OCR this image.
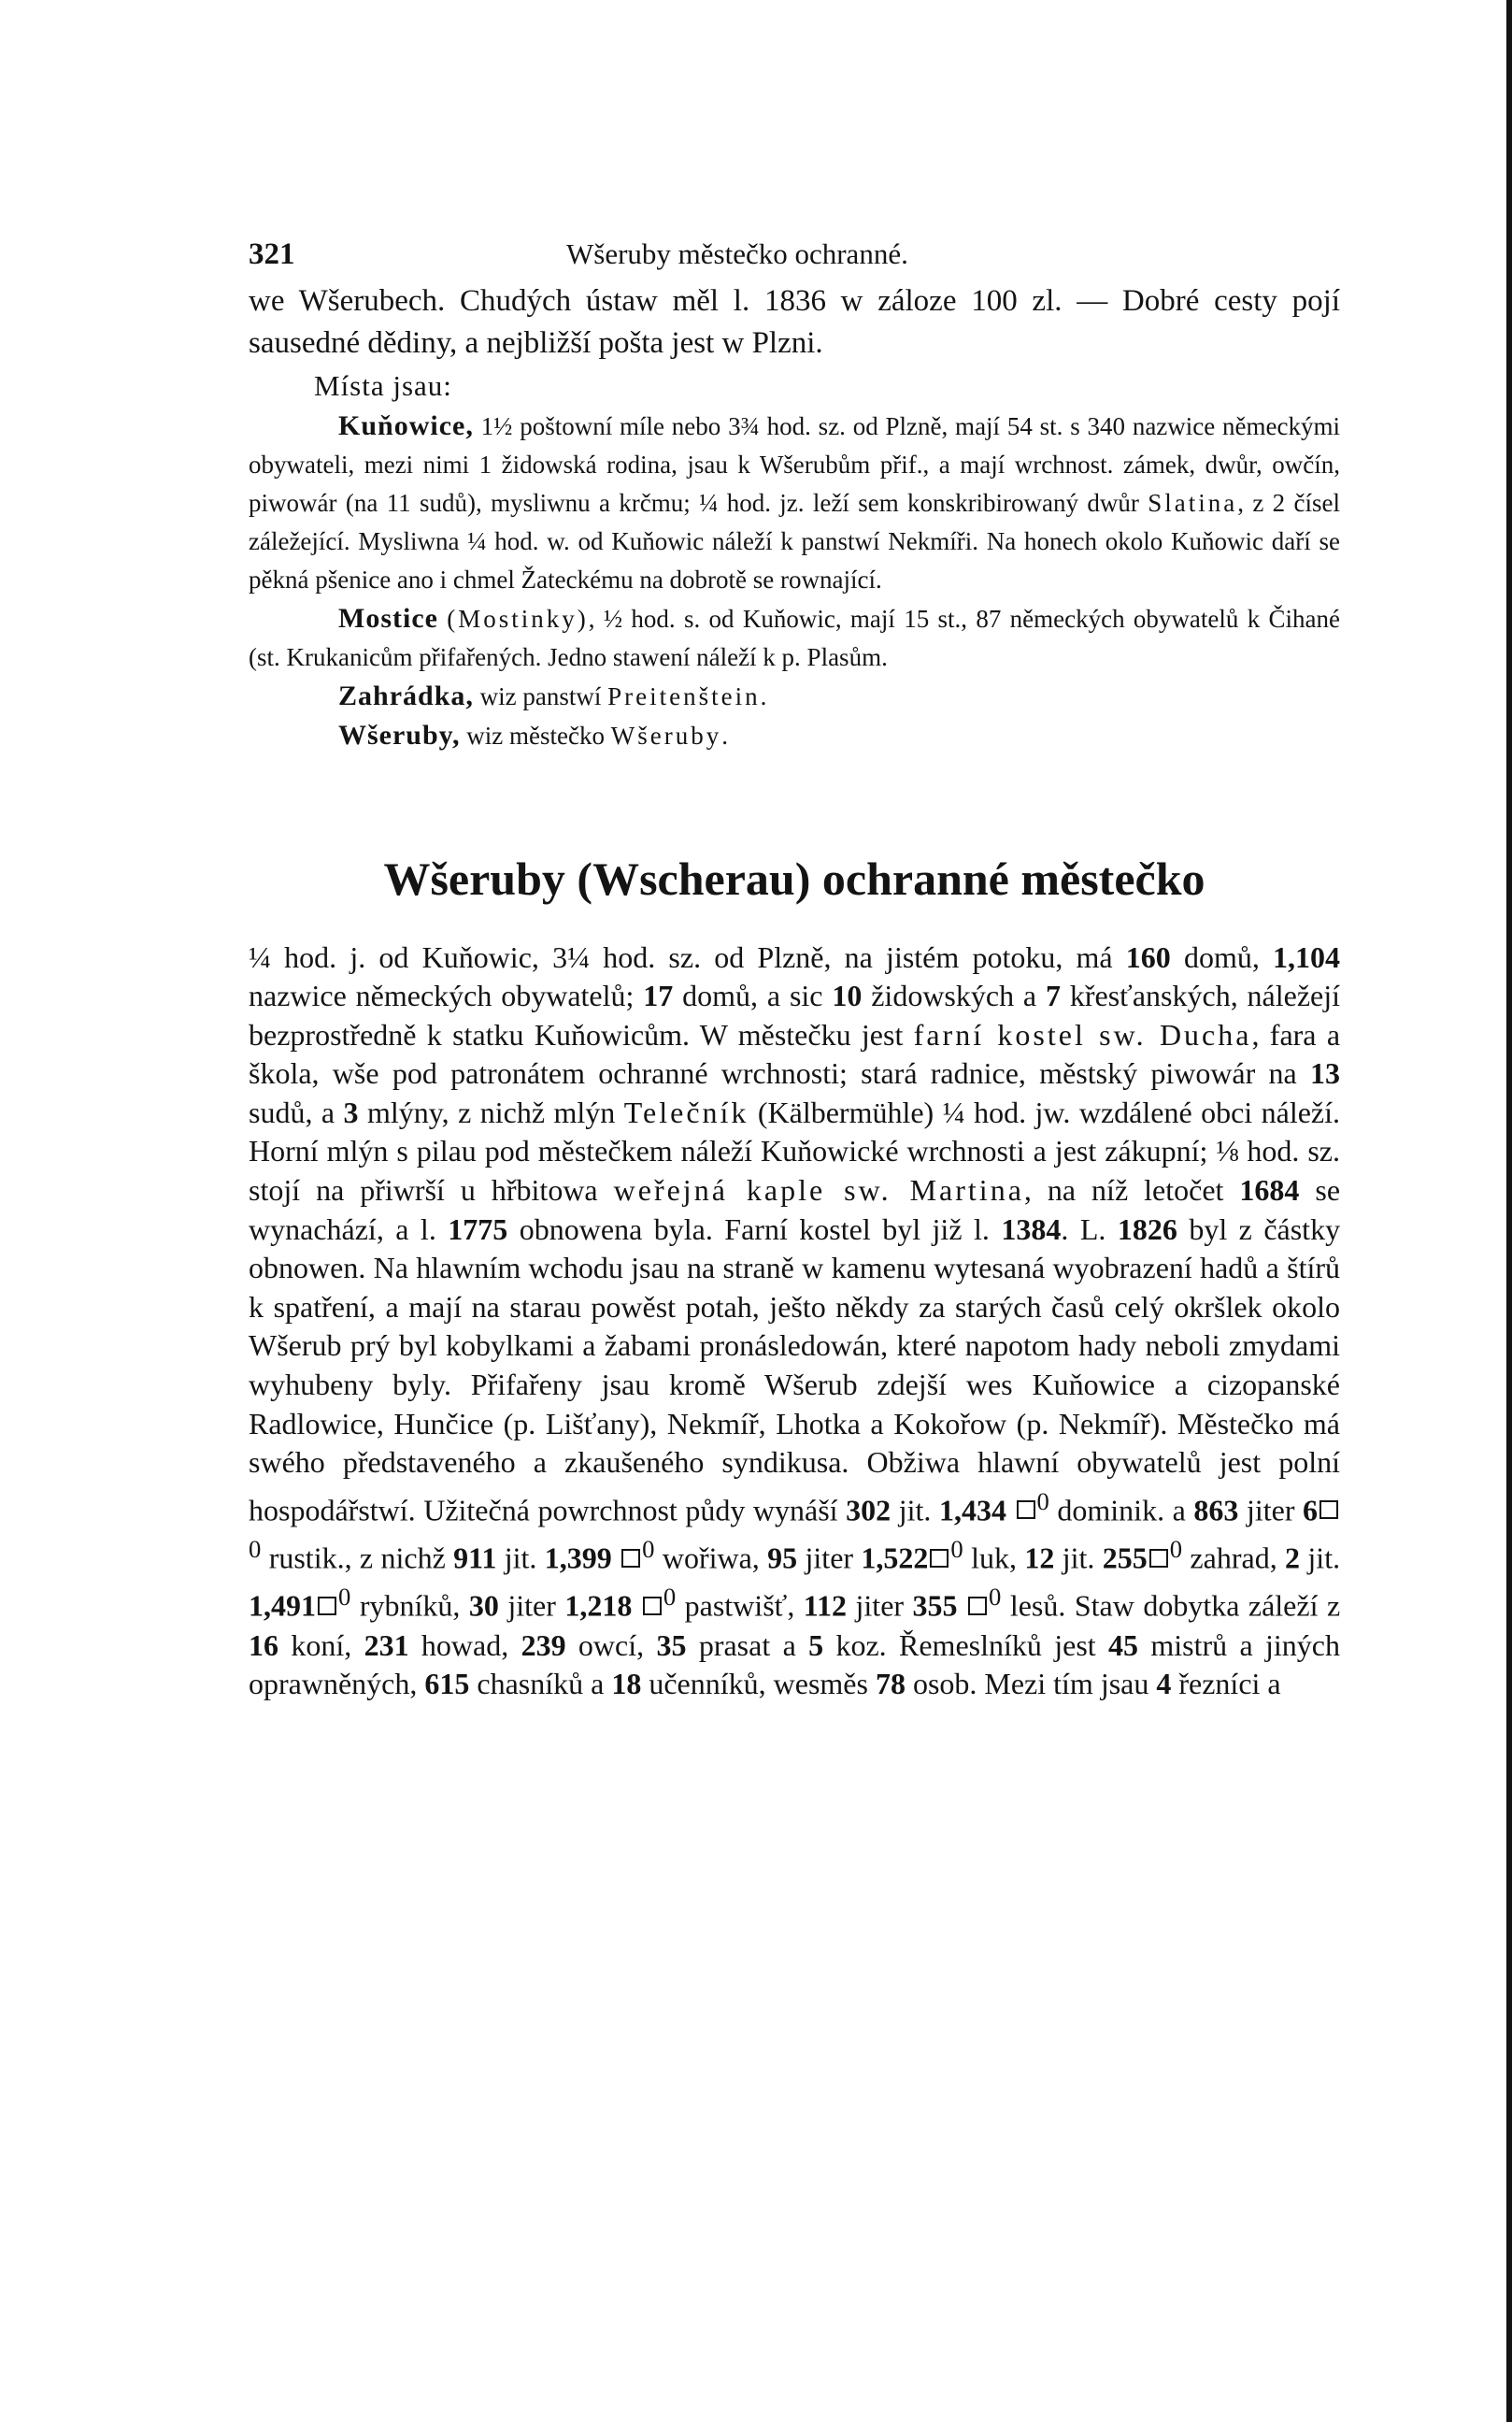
321	Wšeruby městečko ochranné.

we Wšerubech. Chudých ústaw měl l. 1836 w záloze 100 zl. — Dobré cesty pojí sausedné dědiny, a nejbližší pošta jest w Plzni.

Místa jsau:

Kuňowice, 1½ poštowní míle nebo 3¾ hod. sz. od Plzně, mají 54 st. s 340 nazwice německými obywateli, mezi nimi 1 židowská rodina, jsau k Wšerubům přif., a mají wrchnost. zámek, dwůr, owčín, piwowár (na 11 sudů), mysliwnu a krčmu; ¼ hod. jz. leží sem konskribirowaný dwůr Slatina, z 2 čísel záležející. Mysliwna ¼ hod. w. od Kuňowic náleží k panstwí Nekmíři. Na honech okolo Kuňowic daří se pěkná pšenice ano i chmel Žateckému na dobrotě se rownající.

Mostice (Mostinky), ½ hod. s. od Kuňowic, mají 15 st., 87 německých obywatelů k Čihané (st. Krukanicům přifařených. Jedno stawení náleží k p. Plasům.

Zahrádka, wiz panstwí Preitenštein.

Wšeruby, wiz městečko Wšeruby.

Wšeruby (Wscherau) ochranné městečko

¼ hod. j. od Kuňowic, 3¼ hod. sz. od Plzně, na jistém potoku, má 160 domů, 1,104 nazwice německých obywatelů; 17 domů, a sic 10 židowských a 7 křesťanských, náležejí bezprostředně k statku Kuňowicům. W městečku jest farní kostel sw. Ducha, fara a škola, wše pod patronátem ochranné wrchnosti; stará radnice, městský piwowár na 13 sudů, a 3 mlýny, z nichž mlýn Telečník (Kälbermühle) ¼ hod. jw. wzdálené obci náleží. Horní mlýn s pilau pod městečkem náleží Kuňowické wrchnosti a jest zákupní; ⅛ hod. sz. stojí na přiwrší u hřbitowa weřejná kaple sw. Martina, na níž letočet 1684 se wynachází, a l. 1775 obnowena byla. Farní kostel byl již l. 1384. L. 1826 byl z částky obnowen. Na hlawním wchodu jsau na straně w kamenu wytesaná wyobrazení hadů a štírů k spatření, a mají na starau powěst potah, ješto někdy za starých časů celý okršlek okolo Wšerub prý byl kobylkami a žabami pronásledowán, které napotom hady neboli zmydami wyhubeny byly. Přifařeny jsau kromě Wšerub zdejší wes Kuňowice a cizopanské Radlowice, Hunčice (p. Lišťany), Nekmíř, Lhotka a Kokořow (p. Nekmíř). Městečko má swého představeného a zkaušeného syndikusa. Obžiwa hlawní obywatelů jest polní hospodářstwí. Užitečná powrchnost půdy wynáší 302 jit. 1,434 $^0$ dominik. a 863 jiter $6^0$ rustik., z nichž 911 jit. 1,399 $^0$ wořiwa, 95 jiter 1,522 $^0$ luk, 12 jit. 255 $^0$ zahrad, 2 jit. 1,491 $^0$ rybníků, 30 jiter 1,218 $^0$ pastwišť, 112 jiter 355 $^0$ lesů. Staw dobytka záleží z 16 koní, 231 howad, 239 owcí, 35 prasat a 5 koz. Řemeslníků jest 45 mistrů a jiných oprawněných, 615 chasníků a 18 učenníků, wesměs 78 osob. Mezi tím jsau 4 řezníci a
